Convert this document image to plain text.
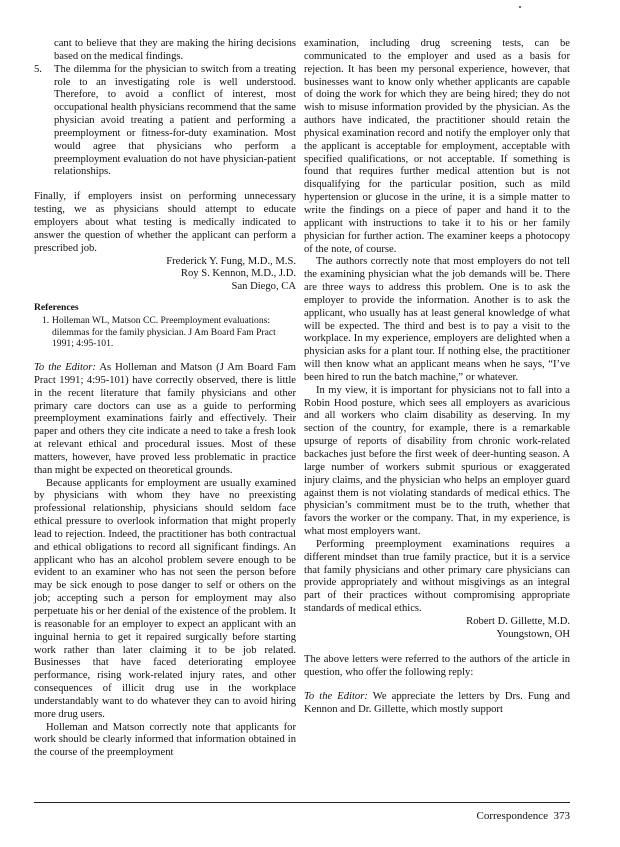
cant to believe that they are making the hiring decisions based on the medical findings.

5. The dilemma for the physician to switch from a treating role to an investigating role is well understood. Therefore, to avoid a conflict of interest, most occupational health physicians recommend that the same physician avoid treating a patient and performing a preemployment or fitness-for-duty examination. Most would agree that physicians who perform a preemployment evaluation do not have physician-patient relationships.

Finally, if employers insist on performing unnecessary testing, we as physicians should attempt to educate employers about what testing is medically indicated to answer the question of whether the applicant can perform a prescribed job.

Frederick Y. Fung, M.D., M.S.

Roy S. Kennon, M.D., J.D.

San Diego, CA

References

1. Holleman WL, Matson CC. Preemployment evaluations: dilemmas for the family physician. J Am Board Fam Pract 1991; 4:95-101.

To the Editor: As Holleman and Matson (J Am Board Fam Pract 1991; 4:95-101) have correctly observed, there is little in the recent literature that family physicians and other primary care doctors can use as a guide to performing preemployment examinations fairly and effectively. Their paper and others they cite indicate a need to take a fresh look at relevant ethical and procedural issues. Most of these matters, however, have proved less problematic in practice than might be expected on theoretical grounds.

Because applicants for employment are usually examined by physicians with whom they have no preexisting professional relationship, physicians should seldom face ethical pressure to overlook information that might properly lead to rejection. Indeed, the practitioner has both contractual and ethical obligations to record all significant findings. An applicant who has an alcohol problem severe enough to be evident to an examiner who has not seen the person before may be sick enough to pose danger to self or others on the job; accepting such a person for employment may also perpetuate his or her denial of the existence of the problem. It is reasonable for an employer to expect an applicant with an inguinal hernia to get it repaired surgically before starting work rather than later claiming it to be job related. Businesses that have faced deteriorating employee performance, rising work-related injury rates, and other consequences of illicit drug use in the workplace understandably want to do whatever they can to avoid hiring more drug users.

Holleman and Matson correctly note that applicants for work should be clearly informed that information obtained in the course of the preemployment

examination, including drug screening tests, can be communicated to the employer and used as a basis for rejection. It has been my personal experience, however, that businesses want to know only whether applicants are capable of doing the work for which they are being hired; they do not wish to misuse information provided by the physician. As the authors have indicated, the practitioner should retain the physical examination record and notify the employer only that the applicant is acceptable for employment, acceptable with specified qualifications, or not acceptable. If something is found that requires further medical attention but is not disqualifying for the particular position, such as mild hypertension or glucose in the urine, it is a simple matter to write the findings on a piece of paper and hand it to the applicant with instructions to take it to his or her family physician for further action. The examiner keeps a photocopy of the note, of course.

The authors correctly note that most employers do not tell the examining physician what the job demands will be. There are three ways to address this problem. One is to ask the employer to provide the information. Another is to ask the applicant, who usually has at least general knowledge of what will be expected. The third and best is to pay a visit to the workplace. In my experience, employers are delighted when a physician asks for a plant tour. If nothing else, the practitioner will then know what an applicant means when he says, “I’ve been hired to run the batch machine,” or whatever.

In my view, it is important for physicians not to fall into a Robin Hood posture, which sees all employers as avaricious and all workers who claim disability as deserving. In my section of the country, for example, there is a remarkable upsurge of reports of disability from chronic work-related backaches just before the first week of deer-hunting season. A large number of workers submit spurious or exaggerated injury claims, and the physician who helps an employer guard against them is not violating standards of medical ethics. The physician’s commitment must be to the truth, whether that favors the worker or the company. That, in my experience, is what most employers want.

Performing preemployment examinations requires a different mindset than true family practice, but it is a service that family physicians and other primary care physicians can provide appropriately and without misgivings as an integral part of their practices without compromising appropriate standards of medical ethics.

Robert D. Gillette, M.D.

Youngstown, OH

The above letters were referred to the authors of the article in question, who offer the following reply:

To the Editor: We appreciate the letters by Drs. Fung and Kennon and Dr. Gillette, which mostly support

Correspondence 373
